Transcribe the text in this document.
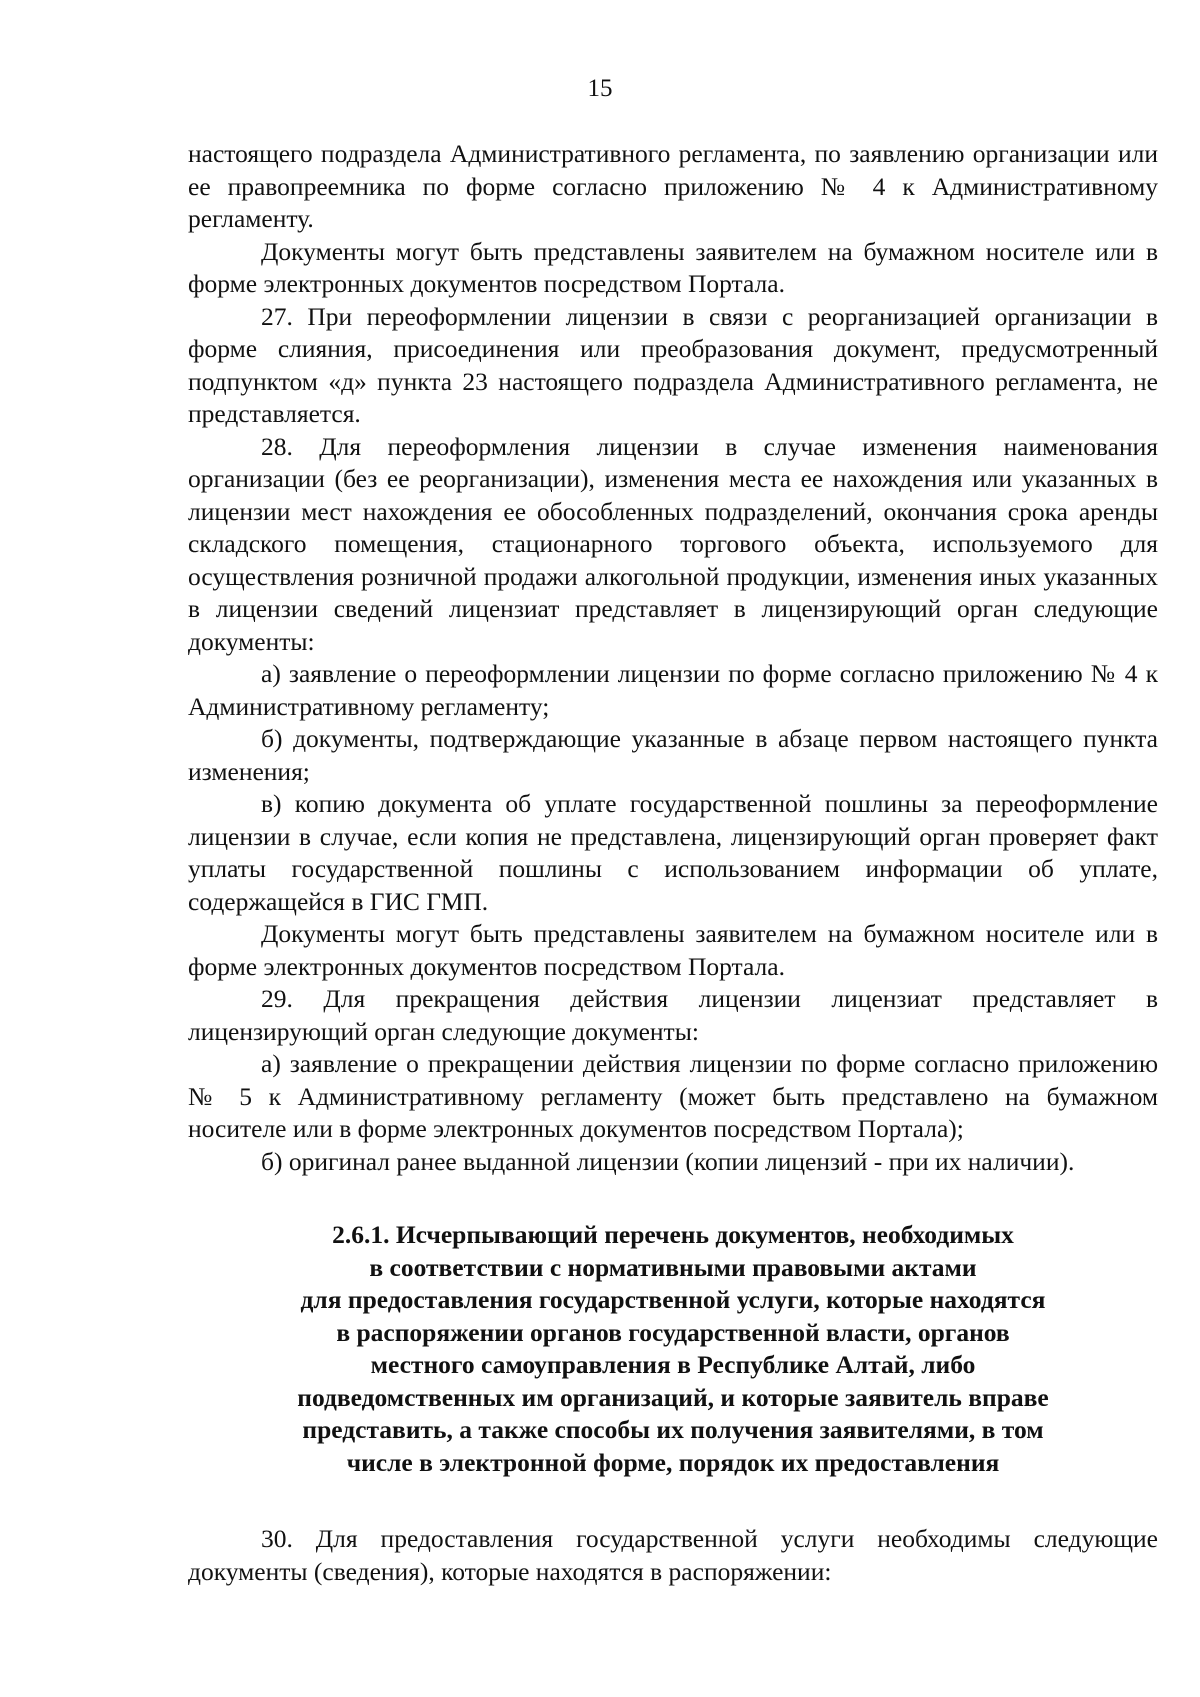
15

настоящего подраздела Административного регламента, по заявлению организации или ее правопреемника по форме согласно приложению № 4 к Административному регламенту.

Документы могут быть представлены заявителем на бумажном носителе или в форме электронных документов посредством Портала.

27. При переоформлении лицензии в связи с реорганизацией организации в форме слияния, присоединения или преобразования документ, предусмотренный подпунктом «д» пункта 23 настоящего подраздела Административного регламента, не представляется.

28. Для переоформления лицензии в случае изменения наименования организации (без ее реорганизации), изменения места ее нахождения или указанных в лицензии мест нахождения ее обособленных подразделений, окончания срока аренды складского помещения, стационарного торгового объекта, используемого для осуществления розничной продажи алкогольной продукции, изменения иных указанных в лицензии сведений лицензиат представляет в лицензирующий орган следующие документы:

а) заявление о переоформлении лицензии по форме согласно приложению № 4 к Административному регламенту;

б) документы, подтверждающие указанные в абзаце первом настоящего пункта изменения;

в) копию документа об уплате государственной пошлины за переоформление лицензии в случае, если копия не представлена, лицензирующий орган проверяет факт уплаты государственной пошлины с использованием информации об уплате, содержащейся в ГИС ГМП.

Документы могут быть представлены заявителем на бумажном носителе или в форме электронных документов посредством Портала.

29. Для прекращения действия лицензии лицензиат представляет в лицензирующий орган следующие документы:

а) заявление о прекращении действия лицензии по форме согласно приложению № 5 к Административному регламенту (может быть представлено на бумажном носителе или в форме электронных документов посредством Портала);

б) оригинал ранее выданной лицензии (копии лицензий - при их наличии).

2.6.1. Исчерпывающий перечень документов, необходимых
в соответствии с нормативными правовыми актами
для предоставления государственной услуги, которые находятся
в распоряжении органов государственной власти, органов
местного самоуправления в Республике Алтай, либо
подведомственных им организаций, и которые заявитель вправе
представить, а также способы их получения заявителями, в том
числе в электронной форме, порядок их предоставления

30. Для предоставления государственной услуги необходимы следующие документы (сведения), которые находятся в распоряжении:
